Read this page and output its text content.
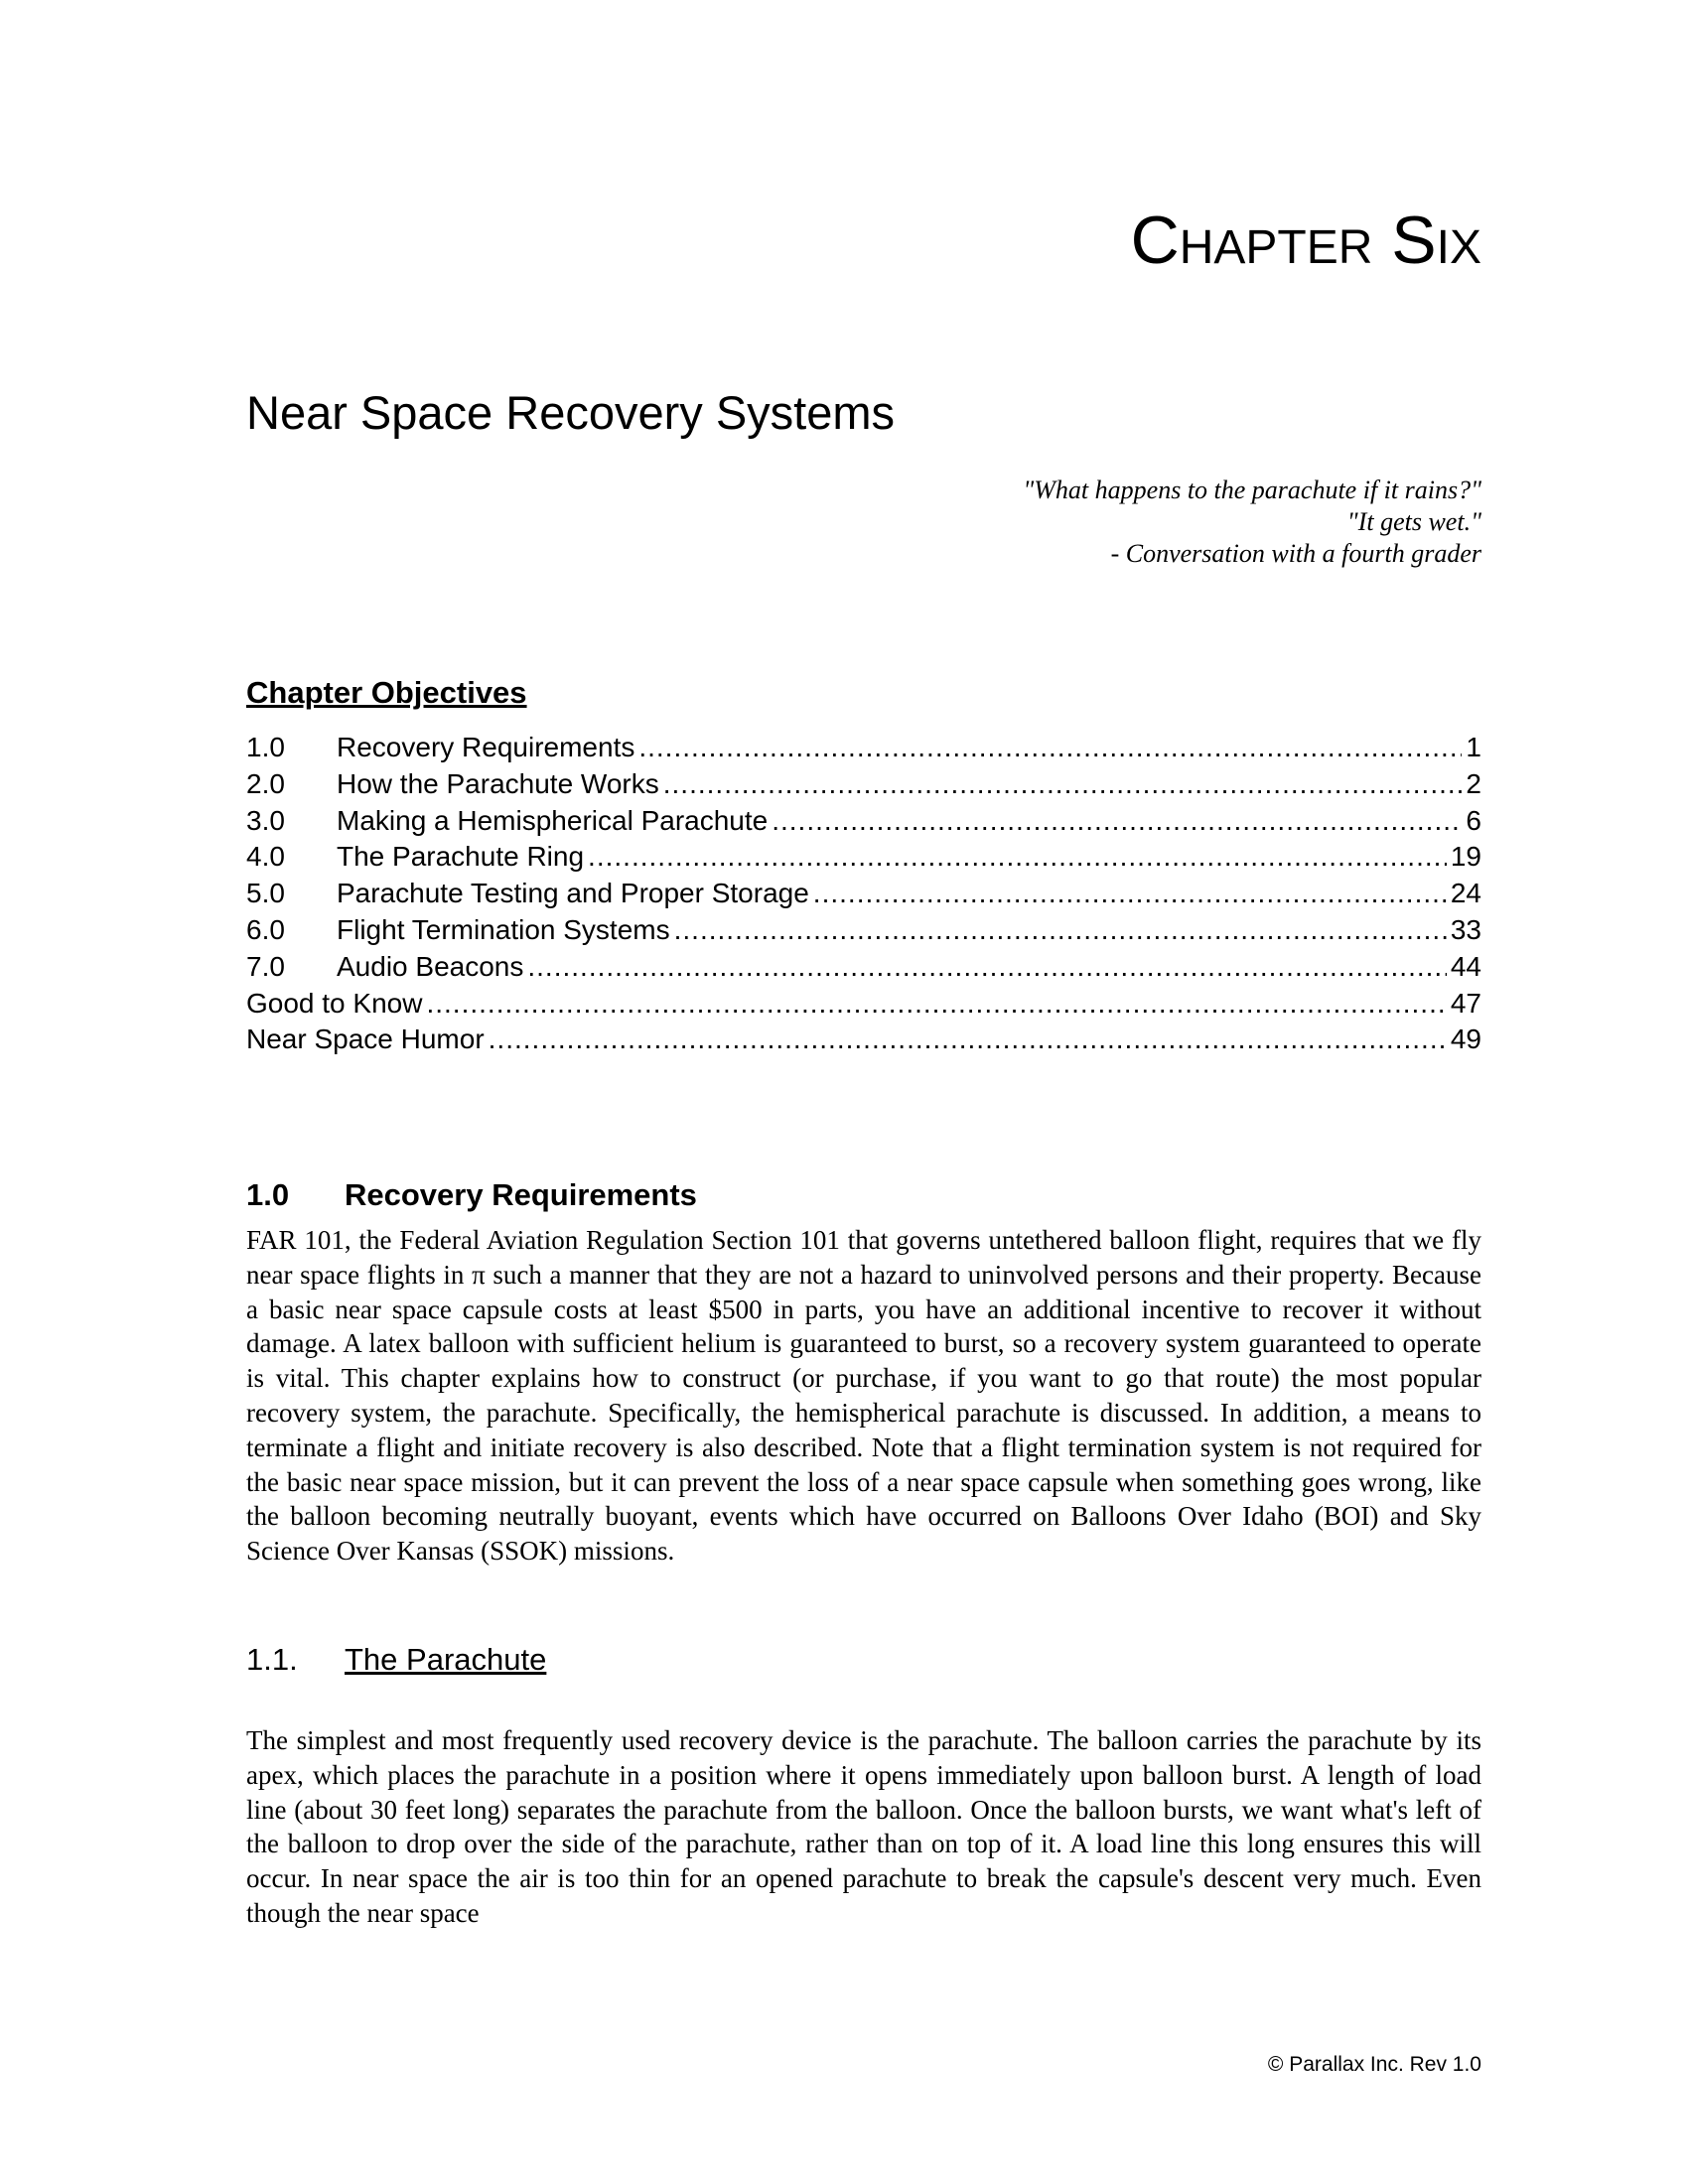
Chapter Six
Near Space Recovery Systems
"What happens to the parachute if it rains?"
"It gets wet."
- Conversation with a fourth grader
Chapter Objectives
1.0	Recovery Requirements .....	1
2.0	How the Parachute Works .....	2
3.0	Making a Hemispherical Parachute .....	6
4.0	The Parachute Ring .....	19
5.0	Parachute Testing and Proper Storage .....	24
6.0	Flight Termination Systems .....	33
7.0	Audio Beacons .....	44
Good to Know .....	47
Near Space Humor .....	49
1.0 Recovery Requirements
FAR 101, the Federal Aviation Regulation Section 101 that governs untethered balloon flight, requires that we fly near space flights in π such a manner that they are not a hazard to uninvolved persons and their property. Because a basic near space capsule costs at least $500 in parts, you have an additional incentive to recover it without damage. A latex balloon with sufficient helium is guaranteed to burst, so a recovery system guaranteed to operate is vital. This chapter explains how to construct (or purchase, if you want to go that route) the most popular recovery system, the parachute. Specifically, the hemispherical parachute is discussed. In addition, a means to terminate a flight and initiate recovery is also described. Note that a flight termination system is not required for the basic near space mission, but it can prevent the loss of a near space capsule when something goes wrong, like the balloon becoming neutrally buoyant, events which have occurred on Balloons Over Idaho (BOI) and Sky Science Over Kansas (SSOK) missions.
1.1. The Parachute
The simplest and most frequently used recovery device is the parachute. The balloon carries the parachute by its apex, which places the parachute in a position where it opens immediately upon balloon burst. A length of load line (about 30 feet long) separates the parachute from the balloon. Once the balloon bursts, we want what's left of the balloon to drop over the side of the parachute, rather than on top of it. A load line this long ensures this will occur. In near space the air is too thin for an opened parachute to break the capsule's descent very much. Even though the near space
© Parallax Inc. Rev 1.0
